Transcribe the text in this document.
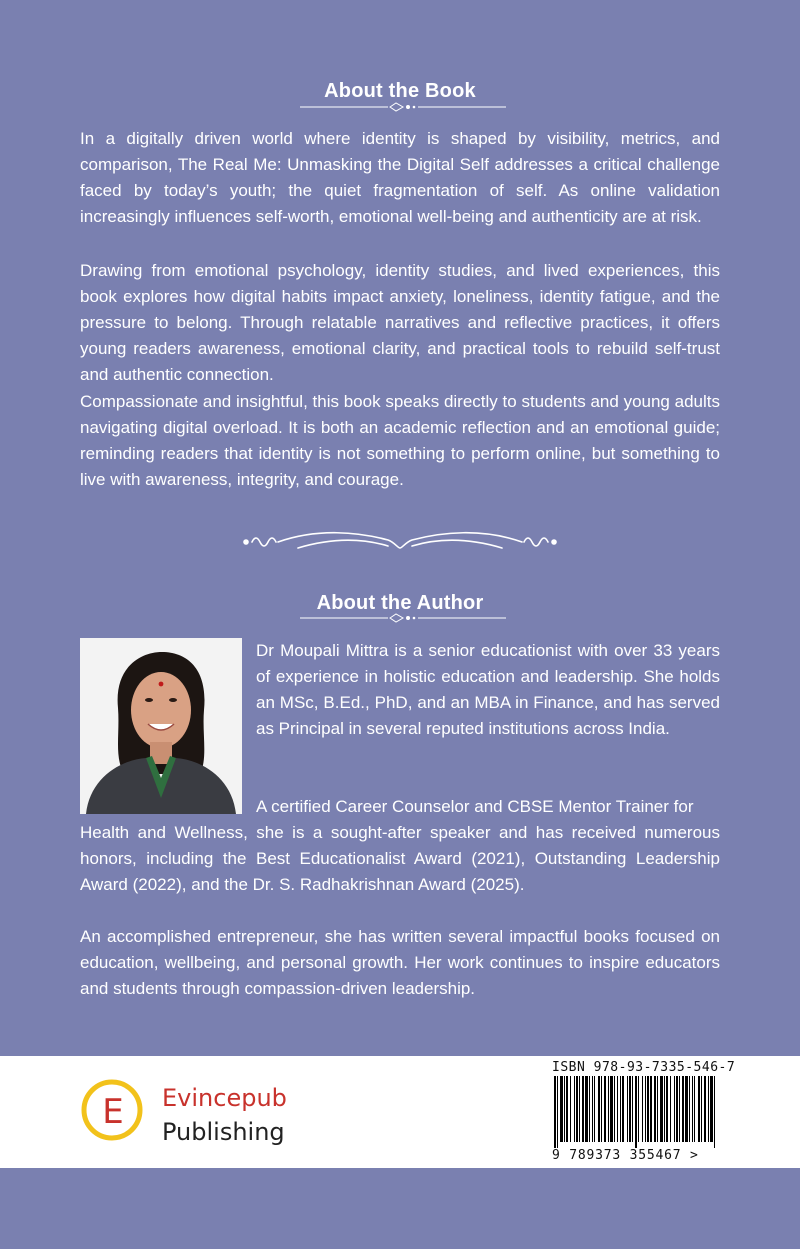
About the Book

In a digitally driven world where identity is shaped by visibility, metrics, and comparison, The Real Me: Unmasking the Digital Self addresses a critical challenge faced by today’s youth; the quiet fragmentation of self. As online validation increasingly influences self-worth, emotional well-being and authenticity are at risk.

Drawing from emotional psychology, identity studies, and lived experiences, this book explores how digital habits impact anxiety, loneliness, identity fatigue, and the pressure to belong. Through relatable narratives and reflective practices, it offers young readers awareness, emotional clarity, and practical tools to rebuild self-trust and authentic connection.

Compassionate and insightful, this book speaks directly to students and young adults navigating digital overload. It is both an academic reflection and an emotional guide; reminding readers that identity is not something to perform online, but something to live with awareness, integrity, and courage.

About the Author

Dr Moupali Mittra is a senior educationist with over 33 years of experience in holistic education and leadership. She holds an MSc, B.Ed., PhD, and an MBA in Finance, and has served as Principal in several reputed institutions across India.

A certified Career Counselor and CBSE Mentor Trainer for

Health and Wellness, she is a sought-after speaker and has received numerous honors, including the Best Educationalist Award (2021), Outstanding Leadership Award (2022), and the Dr. S. Radhakrishnan Award (2025).

An accomplished entrepreneur, she has written several impactful books focused on education, wellbeing, and personal growth. Her work continues to inspire educators and students through compassion-driven leadership.

E Evincepub
Publishing
ISBN 978-93-7335-546-7
9 789373 355467 >
